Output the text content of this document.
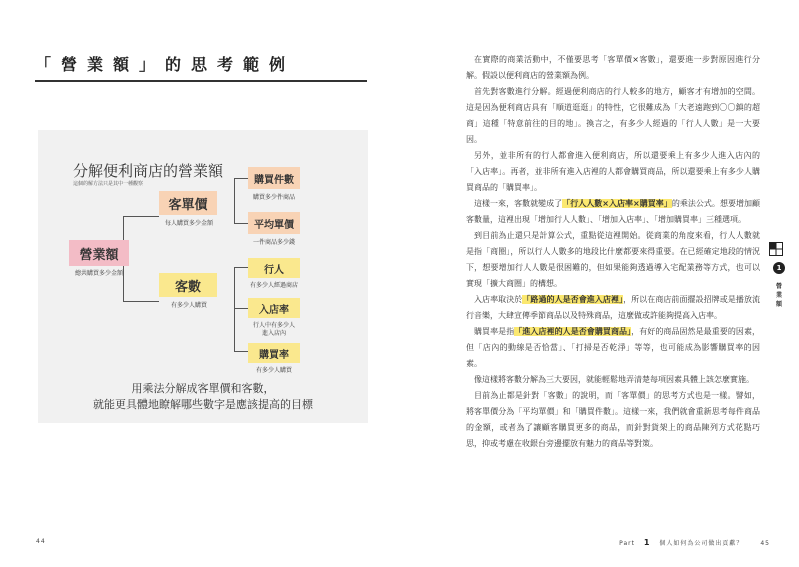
「營業額」的思考範例
分解便利商店的營業額
這個的解方法只是其中一種觀察
營業額
總共購買多少金額
客單價
每人購買多少金額
客數
有多少人購買
購買件數
購買多少件商品
平均單價
一件商品多少錢
行人
有多少人經過商店
入店率
行人中有多少人
進入店內
購買率
有多少人購買
用乘法分解成客單價和客數，
就能更具體地瞭解哪些數字是應該提高的目標
44

在實際的商業活動中，不僅要思考「客單價×客數」，還要進一步對原因進行分解。假設以便利商店的營業額為例。

首先對客數進行分解。經過便利商店的行人較多的地方，顧客才有增加的空間。這是因為便利商店具有「順道逛逛」的特性，它很難成為「大老遠跑到〇〇鎮的超商」這種「特意前往的目的地」。換言之，有多少人經過的「行人人數」是一大要因。

另外，並非所有的行人都會進入便利商店，所以還要乘上有多少人進入店內的「入店率」。再者，並非所有進入店裡的人都會購買商品，所以還要乘上有多少人購買商品的「購買率」。

這樣一來，客數就變成了「行人人數×入店率×購買率」的乘法公式。想要增加顧客數量，這裡出現「增加行人人數」、「增加入店率」、「增加購買率」三種選項。

到目前為止還只是計算公式，重點從這裡開始。從商業的角度來看，行人人數就是指「商圈」，所以行人人數多的地段比什麼都要來得重要。在已經確定地段的情況下，想要增加行人人數是很困難的，但如果能夠透過導入宅配業務等方式，也可以實現「擴大商圈」的構想。

入店率取決於「路過的人是否會進入店裡」，所以在商店前面擺設招牌或是播放流行音樂，大肆宣傳季節商品以及特殊商品，這麼做或許能夠提高入店率。

購買率是指「進入店裡的人是否會購買商品」，有好的商品固然是最重要的因素，但「店內的動線是否恰當」、「打掃是否乾淨」等等，也可能成為影響購買率的因素。

像這樣將客數分解為三大要因，就能輕鬆地弄清楚每項因素具體上該怎麼實施。

目前為止都是針對「客數」的說明，而「客單價」的思考方式也是一樣。譬如，將客單價分為「平均單價」和「購買件數」。這樣一來，我們就會重新思考每件商品的金額，或者為了讓顧客購買更多的商品，而針對貨架上的商品陳列方式花點巧思，抑或考慮在收銀台旁邊擺放有魅力的商品等對策。

1
營業額
Part 1 個人如何為公司做出貢獻？	45
